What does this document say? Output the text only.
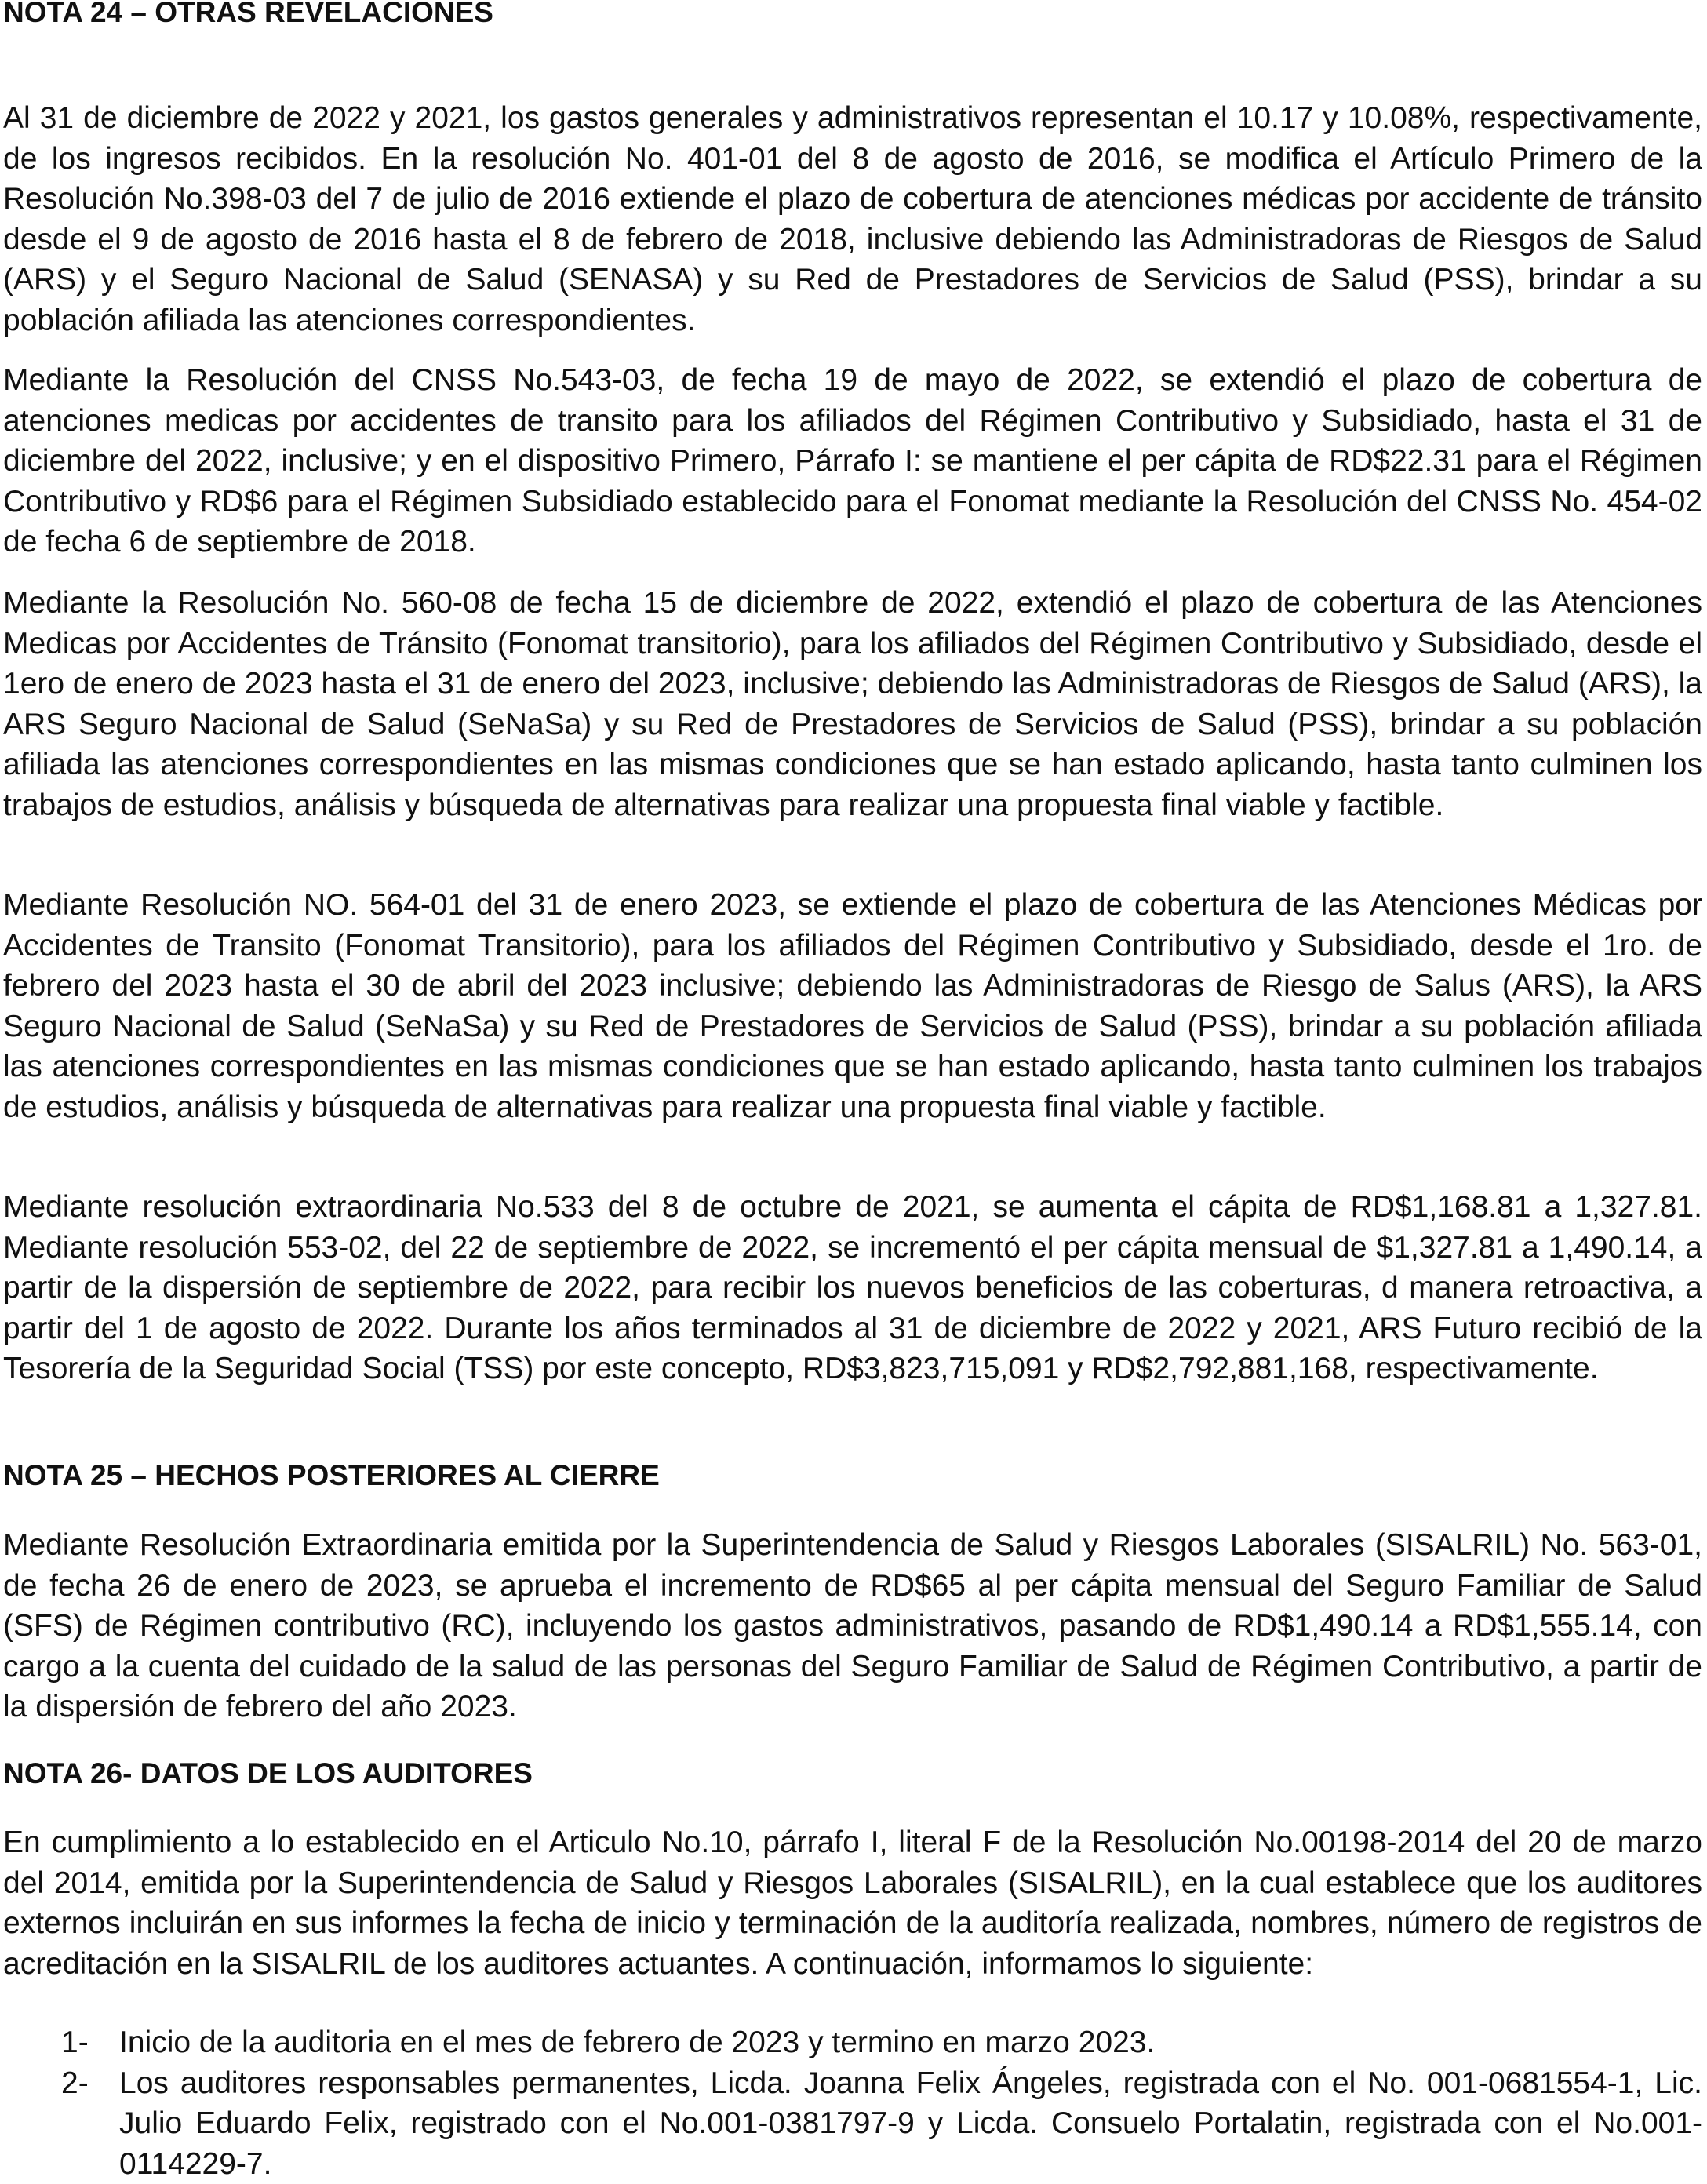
NOTA 24 – OTRAS REVELACIONES

Al 31 de diciembre de 2022 y 2021, los gastos generales y administrativos representan el 10.17 y 10.08%, respectivamente, de los ingresos recibidos. En la resolución No. 401-01 del 8 de agosto de 2016, se modifica el Artículo Primero de la Resolución No.398-03 del 7 de julio de 2016 extiende el plazo de cobertura de atenciones médicas por accidente de tránsito desde el 9 de agosto de 2016 hasta el 8 de febrero de 2018, inclusive debiendo las Administradoras de Riesgos de Salud (ARS) y el Seguro Nacional de Salud (SENASA) y su Red de Prestadores de Servicios de Salud (PSS), brindar a su población afiliada las atenciones correspondientes.

Mediante la Resolución del CNSS No.543-03, de fecha 19 de mayo de 2022, se extendió el plazo de cobertura de atenciones medicas por accidentes de transito para los afiliados del Régimen Contributivo y Subsidiado, hasta el 31 de diciembre del 2022, inclusive; y en el dispositivo Primero, Párrafo I: se mantiene el per cápita de RD$22.31 para el Régimen Contributivo y RD$6 para el Régimen Subsidiado establecido para el Fonomat mediante la Resolución del CNSS No. 454-02 de fecha 6 de septiembre de 2018.

Mediante la Resolución No. 560-08 de fecha 15 de diciembre de 2022, extendió el plazo de cobertura de las Atenciones Medicas por Accidentes de Tránsito (Fonomat transitorio), para los afiliados del Régimen Contributivo y Subsidiado, desde el 1ero de enero de 2023 hasta el 31 de enero del 2023, inclusive; debiendo las Administradoras de Riesgos de Salud (ARS), la ARS Seguro Nacional de Salud (SeNaSa) y su Red de Prestadores de Servicios de Salud (PSS), brindar a su población afiliada las atenciones correspondientes en las mismas condiciones que se han estado aplicando, hasta tanto culminen los trabajos de estudios, análisis y búsqueda de alternativas para realizar una propuesta final viable y factible.

Mediante Resolución NO. 564-01 del 31 de enero 2023, se extiende el plazo de cobertura de las Atenciones Médicas por Accidentes de Transito (Fonomat Transitorio), para los afiliados del Régimen Contributivo y Subsidiado, desde el 1ro. de febrero del 2023 hasta el 30 de abril del 2023 inclusive; debiendo las Administradoras de Riesgo de Salus (ARS), la ARS Seguro Nacional de Salud (SeNaSa) y su Red de Prestadores de Servicios de Salud (PSS), brindar a su población afiliada las atenciones correspondientes en las mismas condiciones que se han estado aplicando, hasta tanto culminen los trabajos de estudios, análisis y búsqueda de alternativas para realizar una propuesta final viable y factible.

Mediante resolución extraordinaria No.533 del 8 de octubre de 2021, se aumenta el cápita de RD$1,168.81 a 1,327.81. Mediante resolución 553-02, del 22 de septiembre de 2022, se incrementó el per cápita mensual de $1,327.81 a 1,490.14, a partir de la dispersión de septiembre de 2022, para recibir los nuevos beneficios de las coberturas, d manera retroactiva, a partir del 1 de agosto de 2022. Durante los años terminados al 31 de diciembre de 2022 y 2021, ARS Futuro recibió de la Tesorería de la Seguridad Social (TSS) por este concepto, RD$3,823,715,091 y RD$2,792,881,168, respectivamente.

NOTA 25 – HECHOS POSTERIORES AL CIERRE

Mediante Resolución Extraordinaria emitida por la Superintendencia de Salud y Riesgos Laborales (SISALRIL) No. 563-01, de fecha 26 de enero de 2023, se aprueba el incremento de RD$65 al per cápita mensual del Seguro Familiar de Salud (SFS) de Régimen contributivo (RC), incluyendo los gastos administrativos, pasando de RD$1,490.14 a RD$1,555.14, con cargo a la cuenta del cuidado de la salud de las personas del Seguro Familiar de Salud de Régimen Contributivo, a partir de la dispersión de febrero del año 2023.

NOTA 26- DATOS DE LOS AUDITORES

En cumplimiento a lo establecido en el Articulo No.10, párrafo I, literal F de la Resolución No.00198-2014 del 20 de marzo del 2014, emitida por la Superintendencia de Salud y Riesgos Laborales (SISALRIL), en la cual establece que los auditores externos incluirán en sus informes la fecha de inicio y terminación de la auditoría realizada, nombres, número de registros de acreditación en la SISALRIL de los auditores actuantes. A continuación, informamos lo siguiente:

1- Inicio de la auditoria en el mes de febrero de 2023 y termino en marzo 2023.
2- Los auditores responsables permanentes, Licda. Joanna Felix Ángeles, registrada con el No. 001-0681554-1, Lic. Julio Eduardo Felix, registrado con el No.001-0381797-9 y Licda. Consuelo Portalatin, registrada con el No.001-0114229-7.
